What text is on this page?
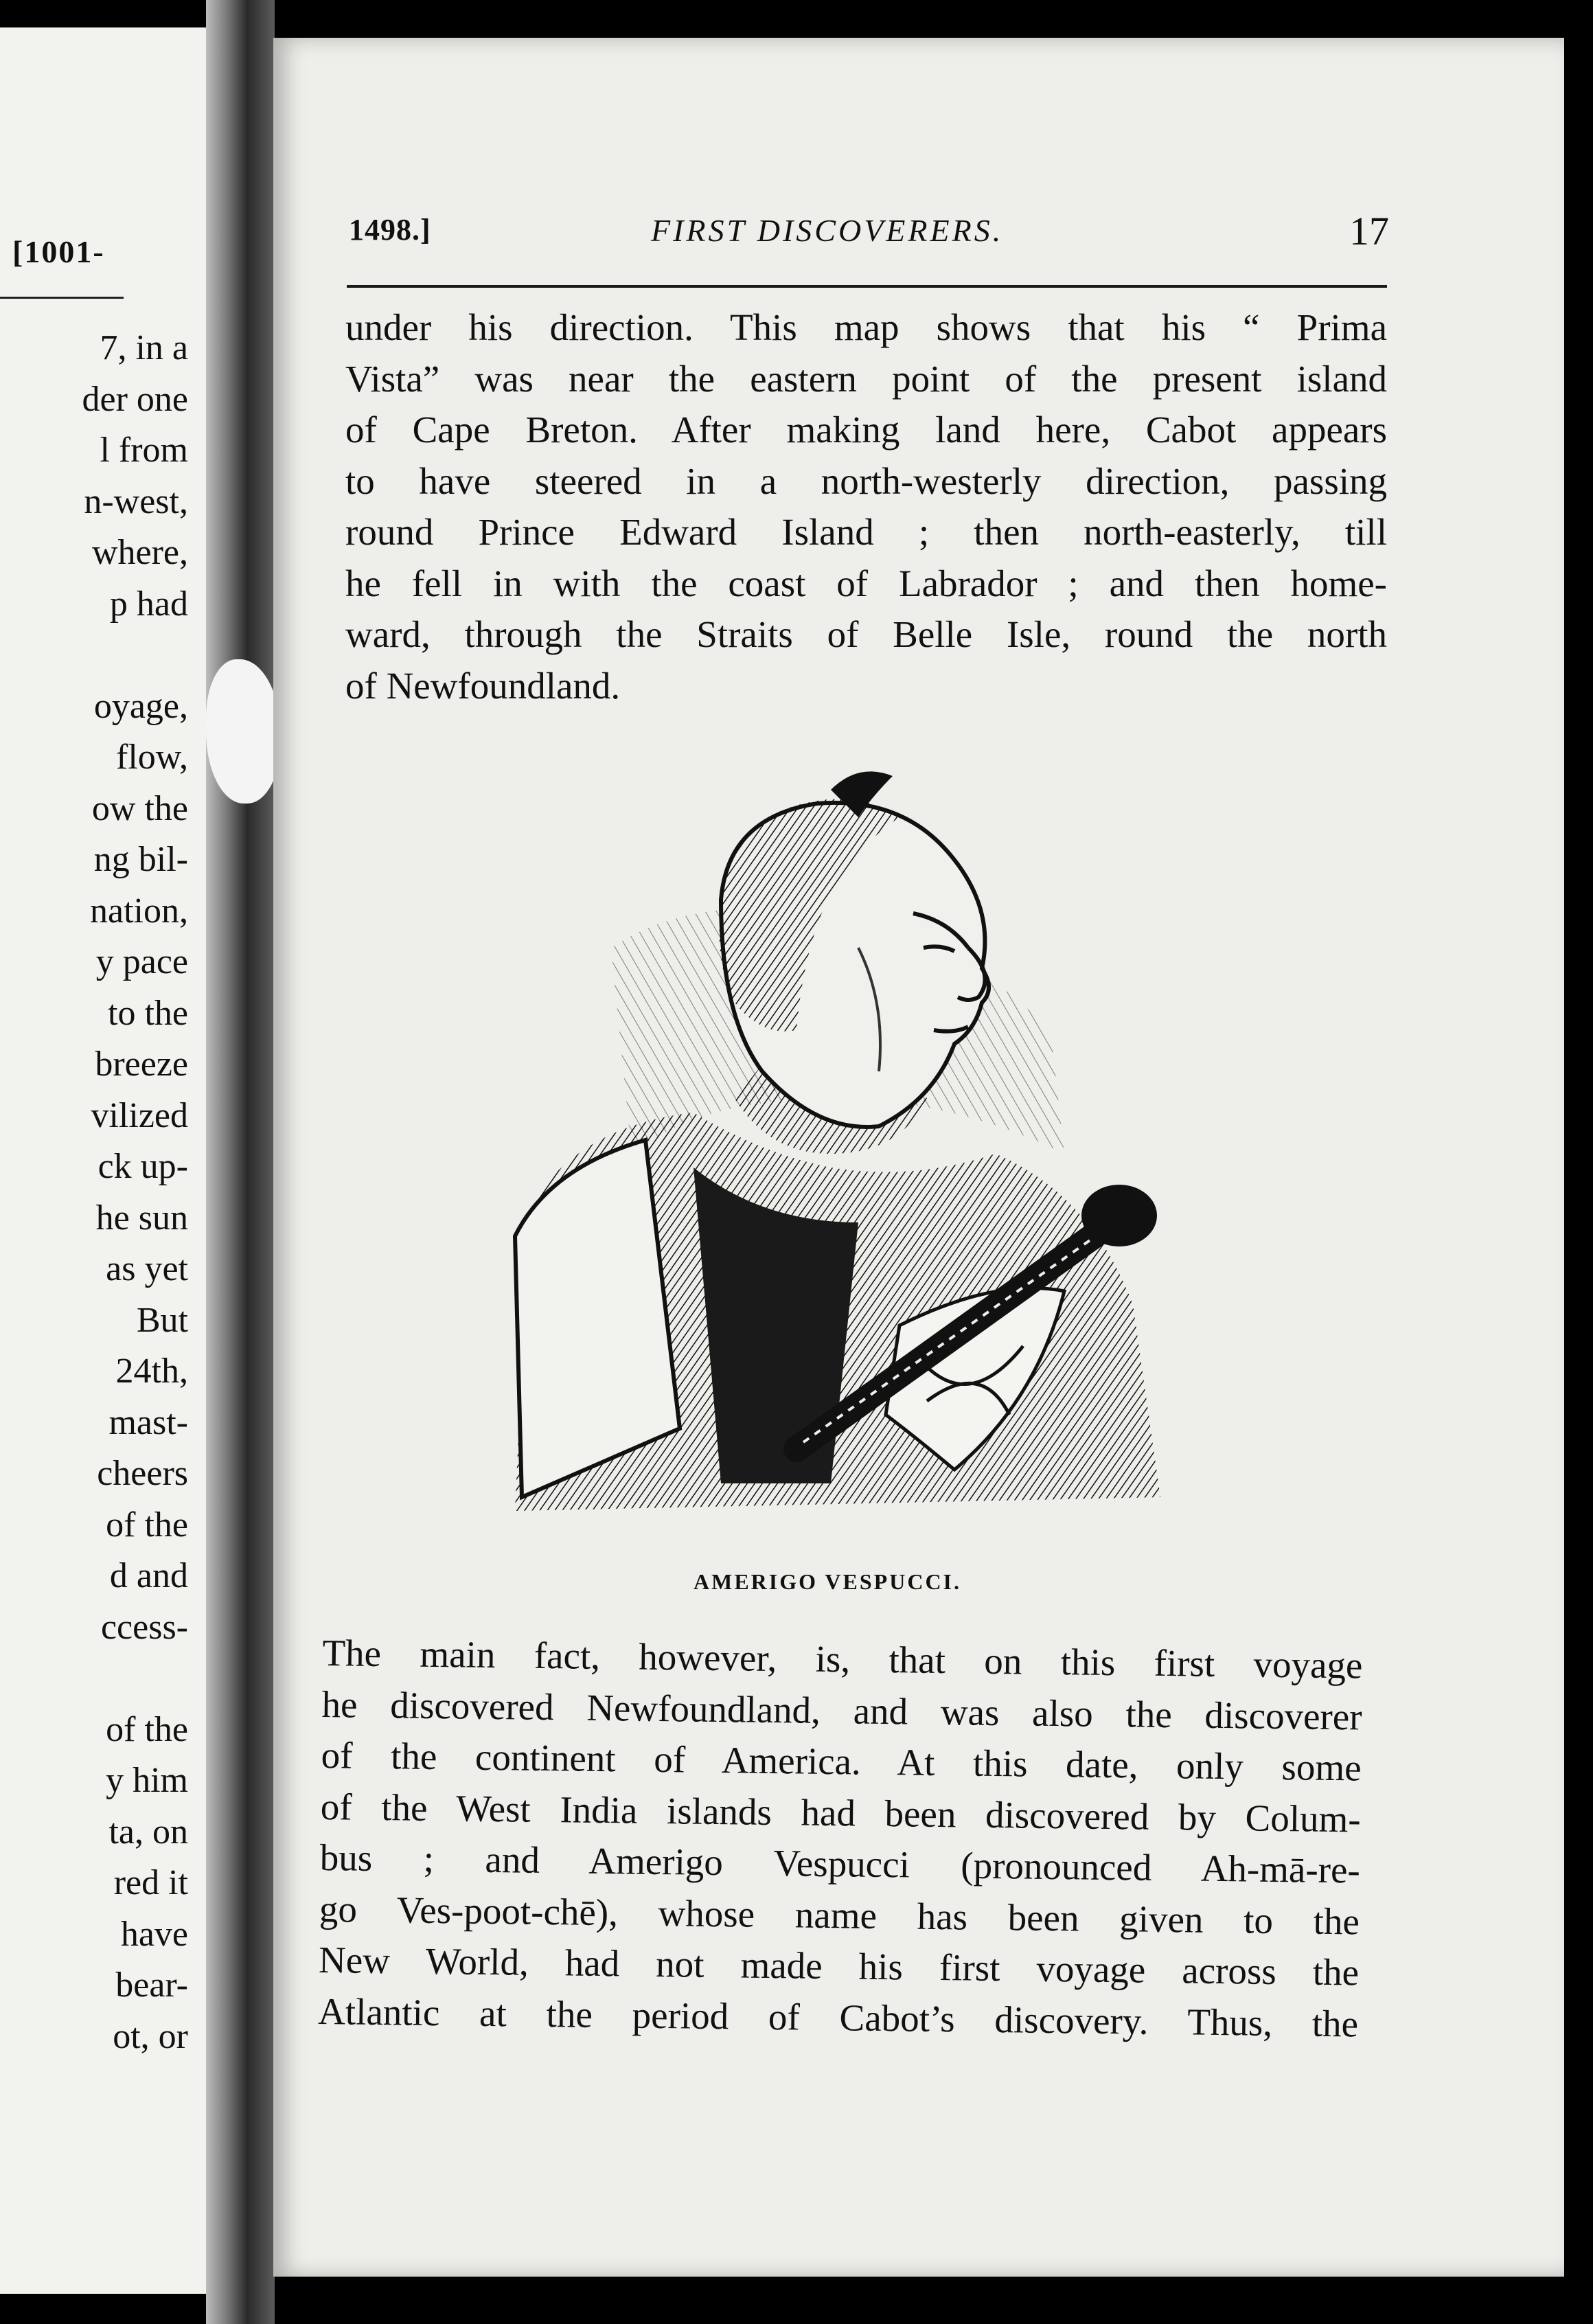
[1001-
7, in a
der one
l from
n-west,
where,
p had
oyage,
flow,
ow the
ng bil-
nation,
y pace
to the
breeze
vilized
ck up-
he sun
as yet
But
24th,
mast-
cheers
of the
d and
ccess-
of the
y him
ta, on
red it
have
bear-
ot, or
1498.]	FIRST DISCOVERERS.	17
under his direction. This map shows that his “ Prima
Vista” was near the eastern point of the present island
of Cape Breton. After making land here, Cabot appears
to have steered in a north-westerly direction, passing
round Prince Edward Island ; then north-easterly, till
he fell in with the coast of Labrador ; and then home-
ward, through the Straits of Belle Isle, round the north
of Newfoundland.
AMERIGO VESPUCCI.
The main fact, however, is, that on this first voyage
he discovered Newfoundland, and was also the discoverer
of the continent of America. At this date, only some
of the West India islands had been discovered by Colum-
bus ; and Amerigo Vespucci (pronounced Ah-mā-re-
go Ves-poot-chē), whose name has been given to the
New World, had not made his first voyage across the
Atlantic at the period of Cabot’s discovery. Thus, the
